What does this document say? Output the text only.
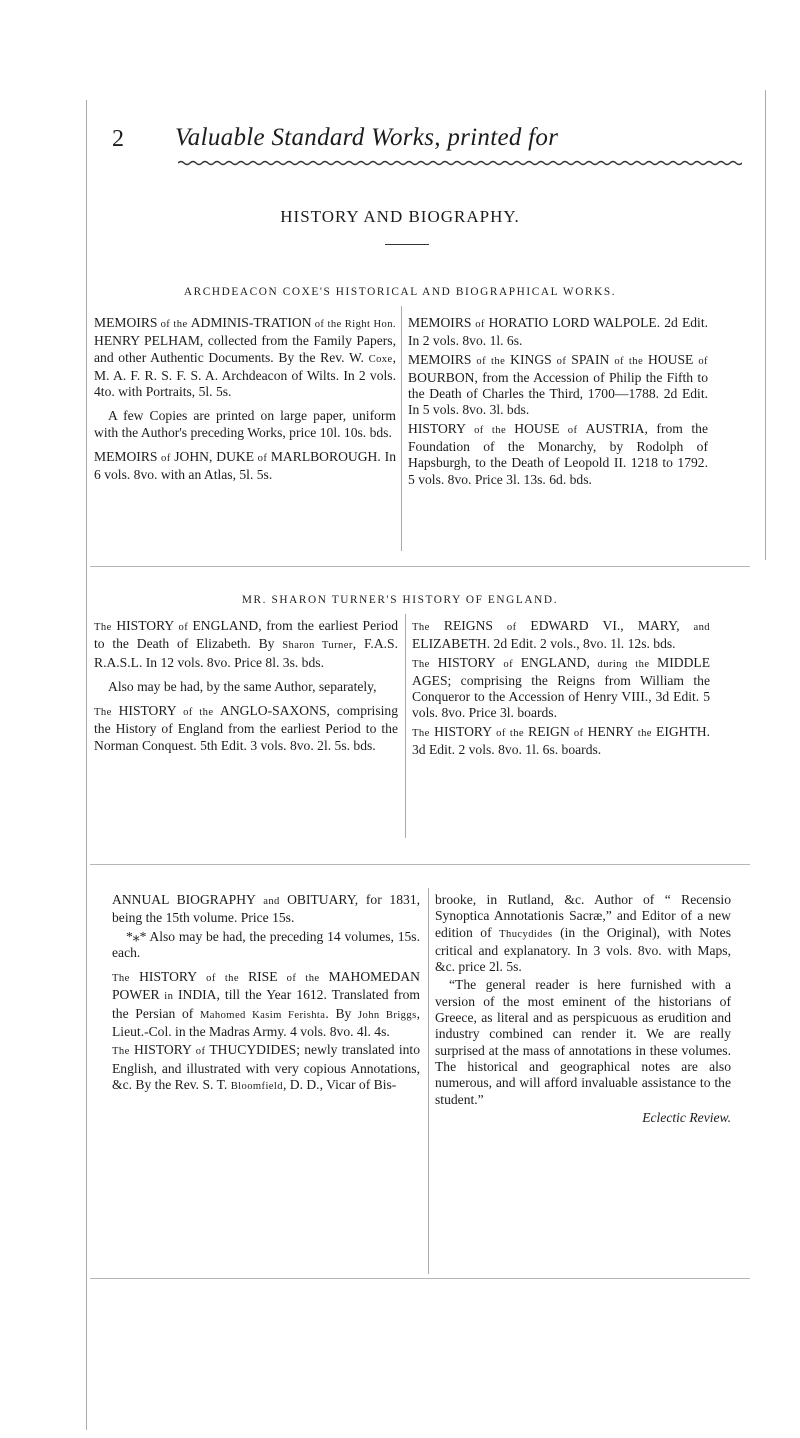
2 Valuable Standard Works, printed for
HISTORY AND BIOGRAPHY.
ARCHDEACON COXE'S HISTORICAL AND BIOGRAPHICAL WORKS.

MEMOIRS of the ADMINIS-TRATION of the Right Hon. HENRY PELHAM, collected from the Family Papers, and other Authentic Documents. By the Rev. W. Coxe, M. A. F. R. S. F. S. A. Archdeacon of Wilts. In 2 vols. 4to. with Portraits, 5l. 5s.

A few Copies are printed on large paper, uniform with the Author's preceding Works, price 10l. 10s. bds.

MEMOIRS of JOHN, DUKE of MARLBOROUGH. In 6 vols. 8vo. with an Atlas, 5l. 5s.

MEMOIRS of HORATIO LORD WALPOLE. 2d Edit. In 2 vols. 8vo. 1l. 6s.

MEMOIRS of the KINGS of SPAIN of the HOUSE of BOURBON, from the Accession of Philip the Fifth to the Death of Charles the Third, 1700—1788. 2d Edit. In 5 vols. 8vo. 3l. bds.

HISTORY of the HOUSE of AUSTRIA, from the Foundation of the Monarchy, by Rodolph of Hapsburgh, to the Death of Leopold II. 1218 to 1792. 5 vols. 8vo. Price 3l. 13s. 6d. bds.

MR. SHARON TURNER'S HISTORY OF ENGLAND.

The HISTORY of ENGLAND, from the earliest Period to the Death of Elizabeth. By Sharon Turner, F.A.S. R.A.S.L. In 12 vols. 8vo. Price 8l. 3s. bds.

Also may be had, by the same Author, separately,

The HISTORY of the ANGLO-SAXONS, comprising the History of England from the earliest Period to the Norman Conquest. 5th Edit. 3 vols. 8vo. 2l. 5s. bds.

The REIGNS of EDWARD VI., MARY, and ELIZABETH. 2d Edit. 2 vols., 8vo. 1l. 12s. bds.

The HISTORY of ENGLAND, during the MIDDLE AGES; comprising the Reigns from William the Conqueror to the Accession of Henry VIII., 3d Edit. 5 vols. 8vo. Price 3l. boards.

The HISTORY of the REIGN of HENRY the EIGHTH. 3d Edit. 2 vols. 8vo. 1l. 6s. boards.

ANNUAL BIOGRAPHY and OBITUARY, for 1831, being the 15th volume. Price 15s.

*⁎* Also may be had, the preceding 14 volumes, 15s. each.

The HISTORY of the RISE of the MAHOMEDAN POWER in INDIA, till the Year 1612. Translated from the Persian of Mahomed Kasim Ferishta. By John Briggs, Lieut.-Col. in the Madras Army. 4 vols. 8vo. 4l. 4s.

The HISTORY of THUCYDIDES; newly translated into English, and illustrated with very copious Annotations, &c. By the Rev. S. T. Bloomfield, D. D., Vicar of Bis-

brooke, in Rutland, &c. Author of “ Recensio Synoptica Annotationis Sacræ,” and Editor of a new edition of Thucydides (in the Original), with Notes critical and explanatory. In 3 vols. 8vo. with Maps, &c. price 2l. 5s.

“The general reader is here furnished with a version of the most eminent of the historians of Greece, as literal and as perspicuous as erudition and industry combined can render it. We are really surprised at the mass of annotations in these volumes. The historical and geographical notes are also numerous, and will afford invaluable assistance to the student.”

Eclectic Review.
